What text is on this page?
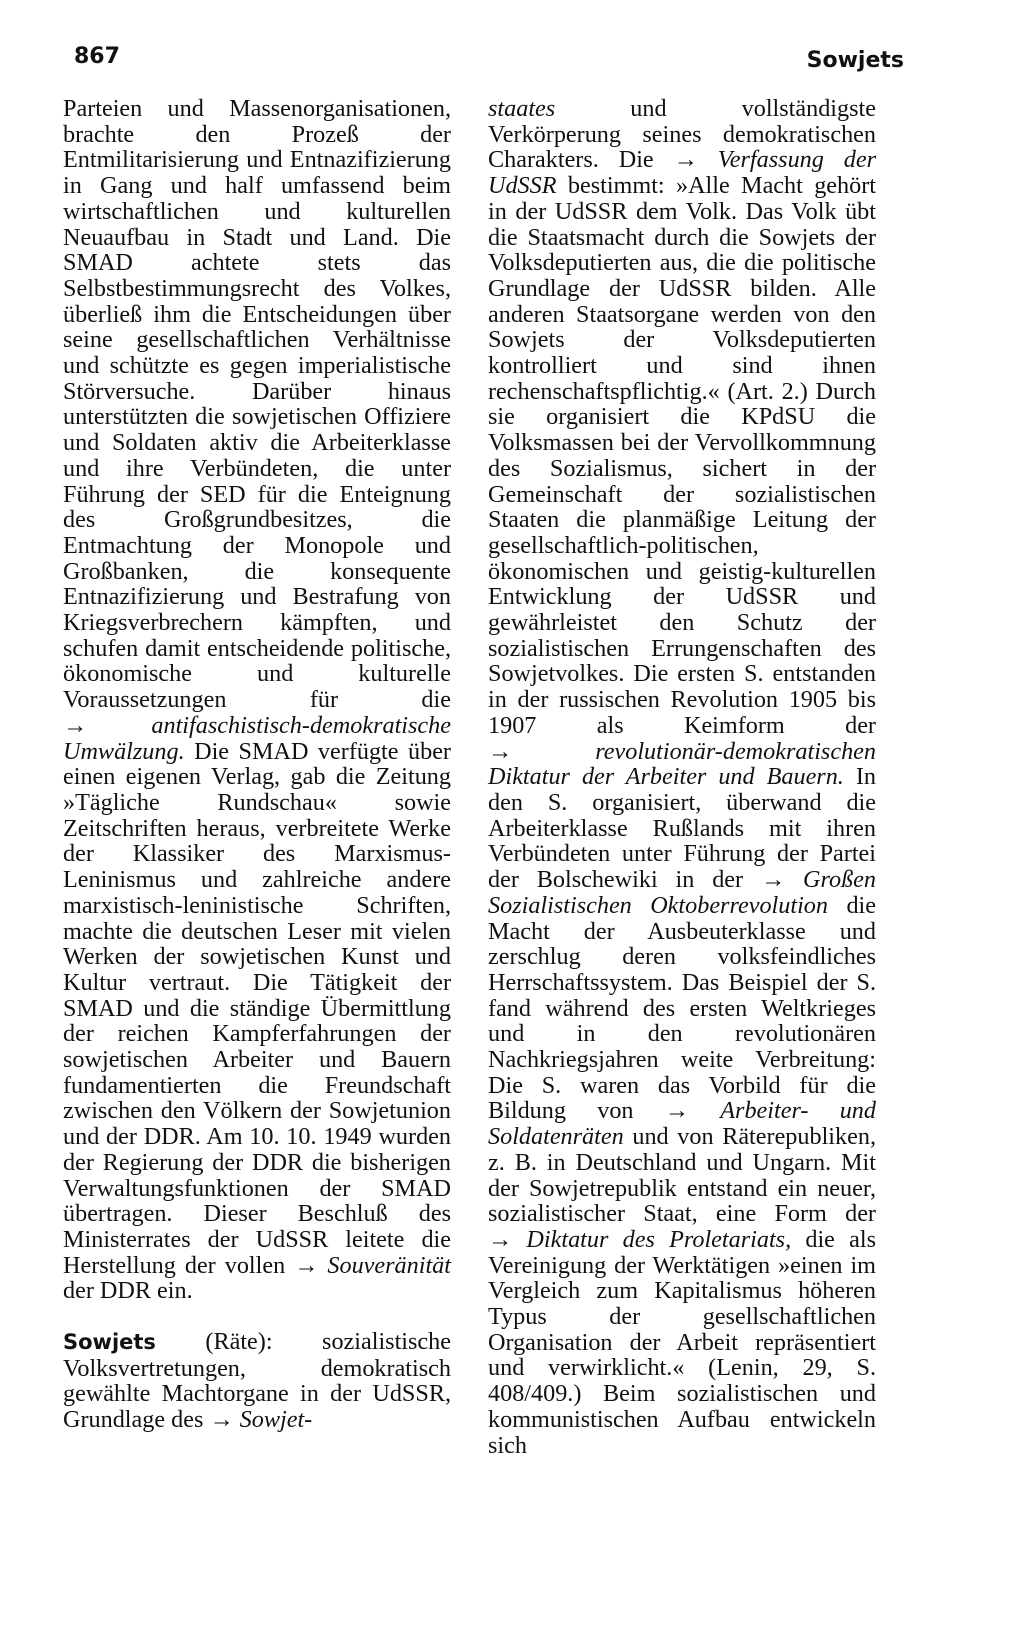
867	Sowjets

Parteien und Massenorganisationen, brachte den Prozeß der Entmilitarisierung und Entnazifizierung in Gang und half umfassend beim wirtschaftlichen und kulturellen Neuaufbau in Stadt und Land. Die SMAD achtete stets das Selbstbestimmungsrecht des Volkes, überließ ihm die Entscheidungen über seine gesellschaftlichen Verhältnisse und schützte es gegen imperialistische Störversuche. Darüber hinaus unterstützten die sowjetischen Offiziere und Soldaten aktiv die Arbeiterklasse und ihre Verbündeten, die unter Führung der SED für die Enteignung des Großgrundbesitzes, die Entmachtung der Monopole und Großbanken, die konsequente Entnazifizierung und Bestrafung von Kriegsverbrechern kämpften, und schufen damit entscheidende politische, ökonomische und kulturelle Voraussetzungen für die →	antifaschistisch-demokratische Umwälzung. Die SMAD verfügte über einen eigenen Verlag, gab die Zeitung »Tägliche Rundschau« sowie Zeitschriften heraus, verbreitete Werke der Klassiker des Marxismus-Leninismus und zahlreiche andere marxistisch-leninistische Schriften, machte die deutschen Leser mit vielen Werken der sowjetischen Kunst und Kultur vertraut. Die Tätigkeit der SMAD und die ständige Übermittlung der reichen Kampferfahrungen der sowjetischen Arbeiter und Bauern fundamentierten die Freundschaft zwischen den Völkern der Sowjetunion und der DDR. Am 10. 10. 1949 wurden der Regierung der DDR die bisherigen Verwaltungsfunktionen der SMAD übertragen. Dieser Beschluß des Ministerrates der UdSSR leitete die Herstellung der vollen → Souveränität der DDR ein.

Sowjets (Räte): sozialistische Volksvertretungen, demokratisch gewählte Machtorgane in der UdSSR, Grundlage des → Sowjet-

staates und vollständigste Verkörperung seines demokratischen Charakters. Die → Verfassung der UdSSR bestimmt: »Alle Macht gehört in der UdSSR dem Volk. Das Volk übt die Staatsmacht durch die Sowjets der Volksdeputierten aus, die die politische Grundlage der UdSSR bilden. Alle anderen Staatsorgane werden von den Sowjets der Volksdeputierten kontrolliert und sind ihnen rechenschaftspflichtig.« (Art. 2.) Durch sie organisiert die KPdSU die Volksmassen bei der Vervollkommnung des Sozialismus, sichert in der Gemeinschaft der sozialistischen Staaten die planmäßige Leitung der gesellschaftlich-politischen, ökonomischen und geistig-kulturellen Entwicklung der UdSSR und gewährleistet den Schutz der sozialistischen Errungenschaften des Sowjetvolkes. Die ersten S. entstanden in der russischen Revolution 1905 bis 1907 als Keimform der →	revolutionär-demokratischen Diktatur der Arbeiter und Bauern. In den S. organisiert, überwand die Arbeiterklasse Rußlands mit ihren Verbündeten unter Führung der Partei der Bolschewiki in der → Großen Sozialistischen Oktoberrevolution die Macht der Ausbeuterklasse und zerschlug deren volksfeindliches Herrschaftssystem. Das Beispiel der S. fand während des ersten Weltkrieges und in den revolutionären Nachkriegsjahren weite Verbreitung: Die S. waren das Vorbild für die Bildung von → Arbeiter- und Soldatenräten und von Räterepubliken, z. B. in Deutschland und Ungarn. Mit der Sowjetrepublik entstand ein neuer, sozialistischer Staat, eine Form der → Diktatur des Proletariats, die als Vereinigung der Werktätigen »einen im Vergleich zum Kapitalismus höheren Typus der gesellschaftlichen Organisation der Arbeit repräsentiert und verwirklicht.« (Lenin, 29, S. 408/409.) Beim sozialistischen und kommunistischen Aufbau entwickeln sich
